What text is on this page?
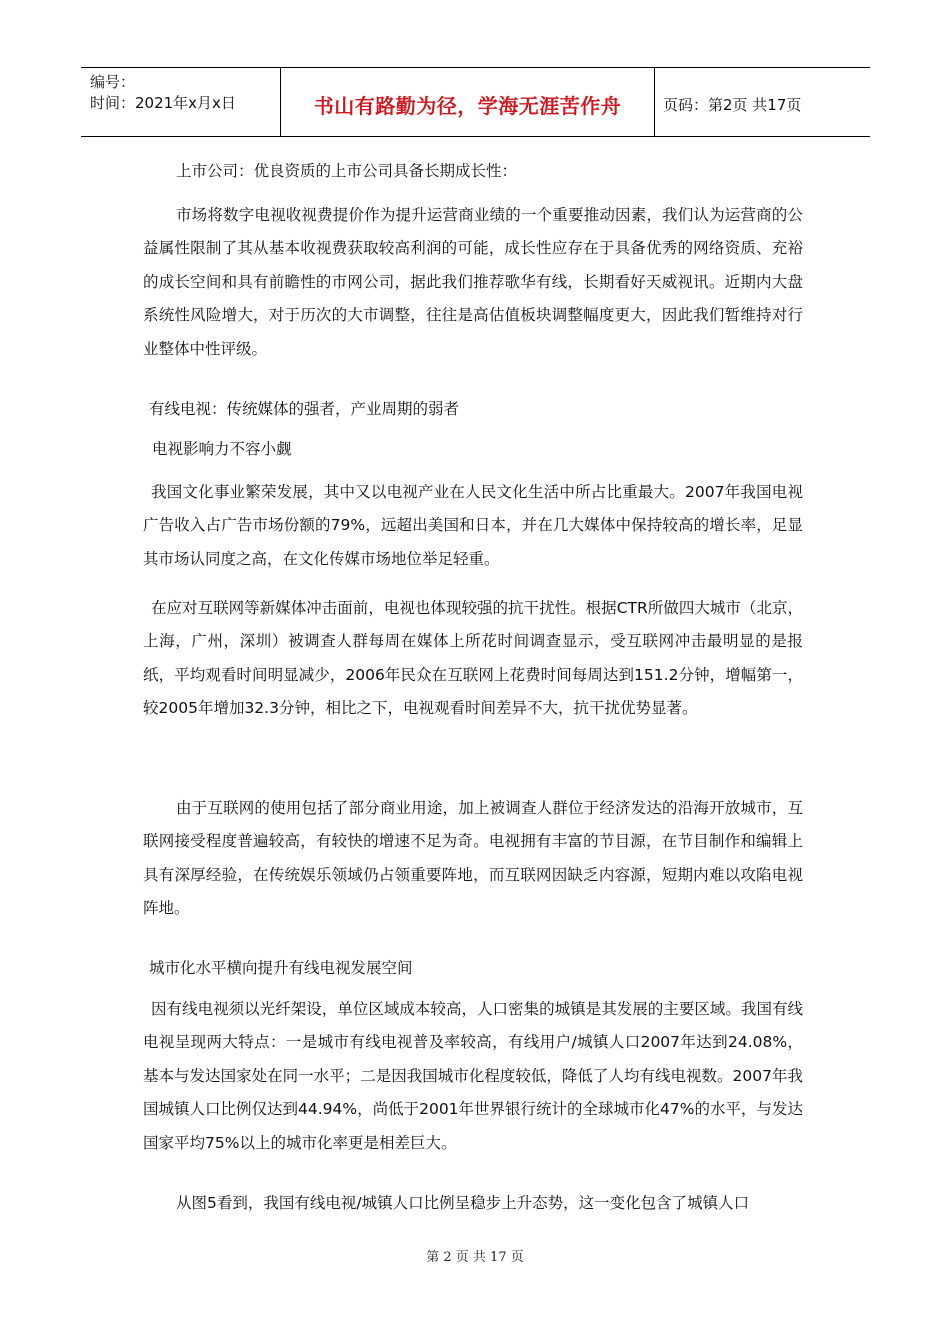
编号：
时间：2021年x月x日	书山有路勤为径，学海无涯苦作舟	页码：第2页 共17页
上市公司：优良资质的上市公司具备长期成长性：
市场将数字电视收视费提价作为提升运营商业绩的一个重要推动因素，我们认为运营商的公益属性限制了其从基本收视费获取较高利润的可能，成长性应存在于具备优秀的网络资质、充裕的成长空间和具有前瞻性的市网公司，据此我们推荐歌华有线，长期看好天威视讯。近期内大盘系统性风险增大，对于历次的大市调整，往往是高估值板块调整幅度更大，因此我们暂维持对行业整体中性评级。
有线电视：传统媒体的强者，产业周期的弱者
电视影响力不容小觑
我国文化事业繁荣发展，其中又以电视产业在人民文化生活中所占比重最大。2007年我国电视广告收入占广告市场份额的79%，远超出美国和日本，并在几大媒体中保持较高的增长率，足显其市场认同度之高，在文化传媒市场地位举足轻重。
在应对互联网等新媒体冲击面前，电视也体现较强的抗干扰性。根据CTR所做四大城市（北京，上海，广州，深圳）被调查人群每周在媒体上所花时间调查显示，受互联网冲击最明显的是报纸，平均观看时间明显减少，2006年民众在互联网上花费时间每周达到151.2分钟，增幅第一，较2005年增加32.3分钟，相比之下，电视观看时间差异不大，抗干扰优势显著。
由于互联网的使用包括了部分商业用途，加上被调查人群位于经济发达的沿海开放城市，互联网接受程度普遍较高，有较快的增速不足为奇。电视拥有丰富的节目源，在节目制作和编辑上具有深厚经验，在传统娱乐领域仍占领重要阵地，而互联网因缺乏内容源，短期内难以攻陷电视阵地。
城市化水平横向提升有线电视发展空间
因有线电视须以光纤架设，单位区域成本较高，人口密集的城镇是其发展的主要区域。我国有线电视呈现两大特点：一是城市有线电视普及率较高，有线用户/城镇人口2007年达到24.08%，基本与发达国家处在同一水平；二是因我国城市化程度较低，降低了人均有线电视数。2007年我国城镇人口比例仅达到44.94%，尚低于2001年世界银行统计的全球城市化47%的水平，与发达国家平均75%以上的城市化率更是相差巨大。
从图5看到，我国有线电视/城镇人口比例呈稳步上升态势，这一变化包含了城镇人口
第 2 页 共 17 页
